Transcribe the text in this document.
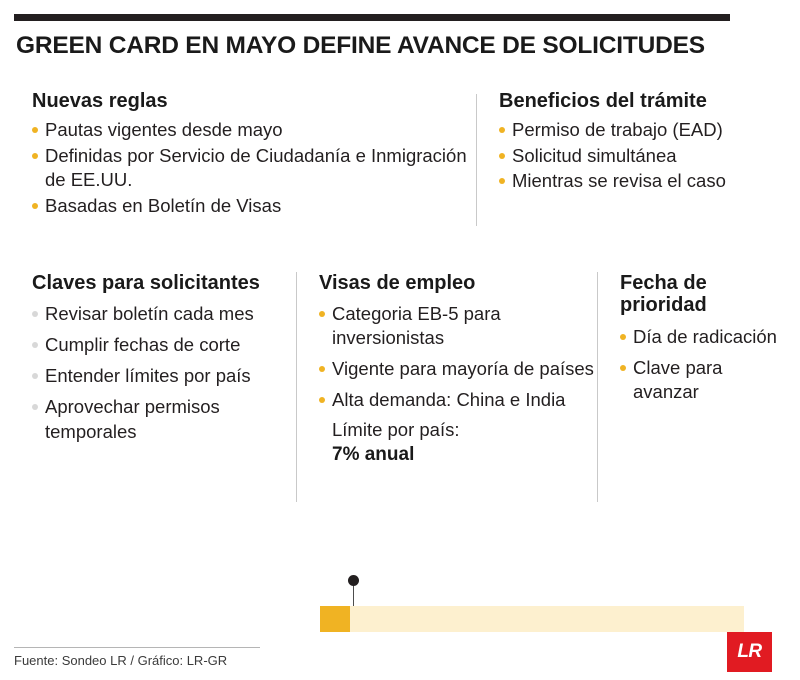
GREEN CARD EN MAYO DEFINE AVANCE DE SOLICITUDES
Nuevas reglas
Pautas vigentes desde mayo
Definidas por Servicio de Ciudadanía e Inmigración de EE.UU.
Basadas en Boletín de Visas
Beneficios del trámite
Permiso de trabajo (EAD)
Solicitud simultánea
Mientras se revisa el caso
Claves para solicitantes
Revisar boletín cada mes
Cumplir fechas de corte
Entender límites por país
Aprovechar permisos temporales
Visas de empleo
Categoria EB-5 para inversionistas
Vigente para mayoría de países
Alta demanda: China e India
Límite por país:
7% anual
Fecha de prioridad
Día de radicación
Clave para avanzar
Fuente: Sondeo LR / Gráfico: LR-GR	LR
